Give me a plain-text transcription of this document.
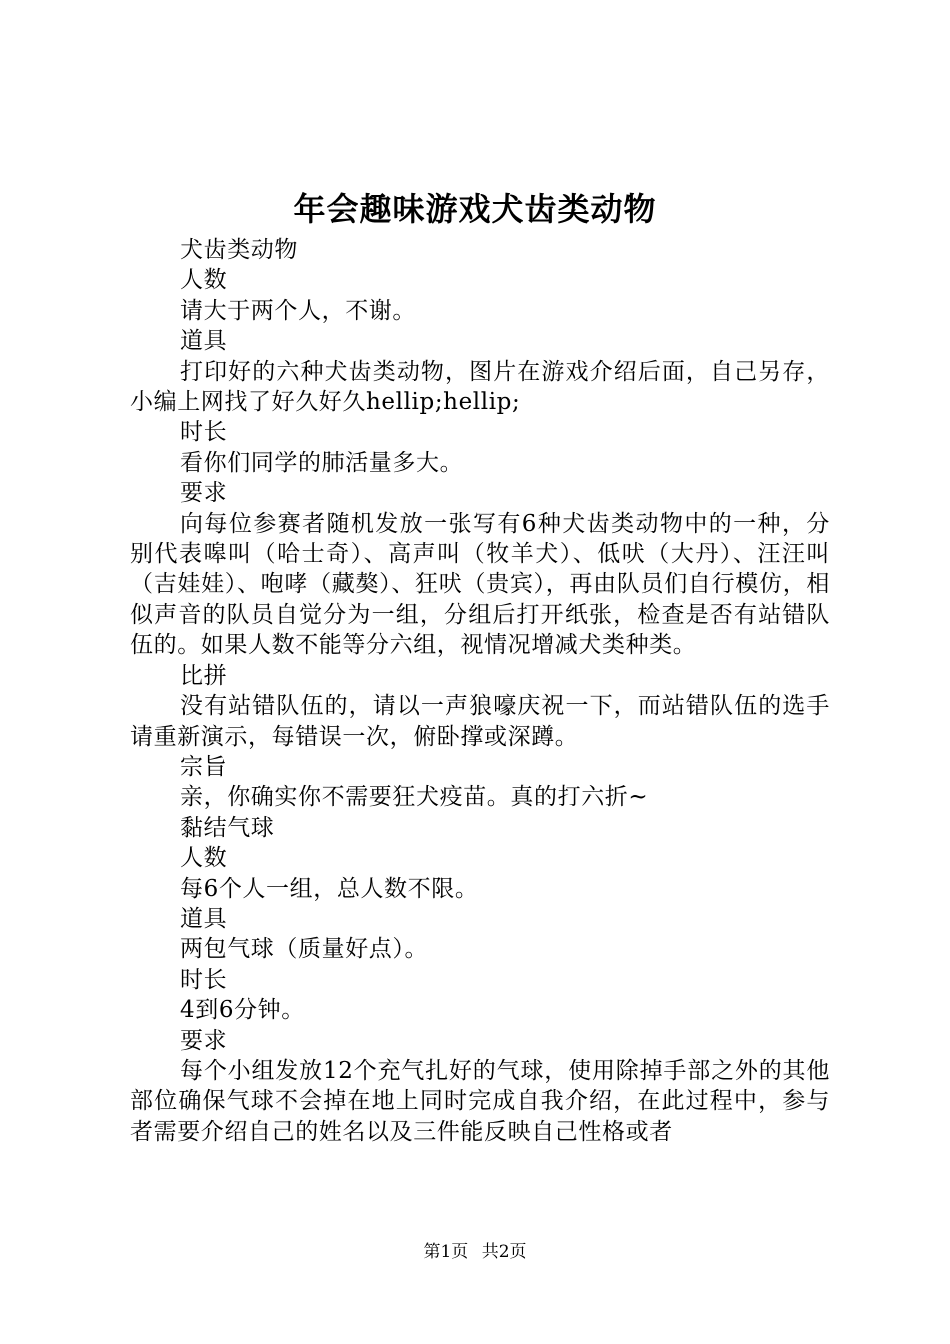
年会趣味游戏犬齿类动物

犬齿类动物

人数

请大于两个人，不谢。

道具

打印好的六种犬齿类动物，图片在游戏介绍后面，自己另存，小编上网找了好久好久hellip;hellip;

时长

看你们同学的肺活量多大。

要求

向每位参赛者随机发放一张写有6种犬齿类动物中的一种，分别代表嗥叫（哈士奇）、高声叫（牧羊犬）、低吠（大丹）、汪汪叫（吉娃娃）、咆哮（藏獒）、狂吠（贵宾），再由队员们自行模仿，相似声音的队员自觉分为一组，分组后打开纸张，检查是否有站错队伍的。如果人数不能等分六组，视情况增减犬类种类。

比拼

没有站错队伍的，请以一声狼嚎庆祝一下，而站错队伍的选手请重新演示，每错误一次，俯卧撑或深蹲。

宗旨

亲，你确实你不需要狂犬疫苗。真的打六折~

黏结气球

人数

每6个人一组，总人数不限。

道具

两包气球（质量好点）。

时长

4到6分钟。

要求

每个小组发放12个充气扎好的气球，使用除掉手部之外的其他部位确保气球不会掉在地上同时完成自我介绍，在此过程中，参与者需要介绍自己的姓名以及三件能反映自己性格或者

第1页 共2页
